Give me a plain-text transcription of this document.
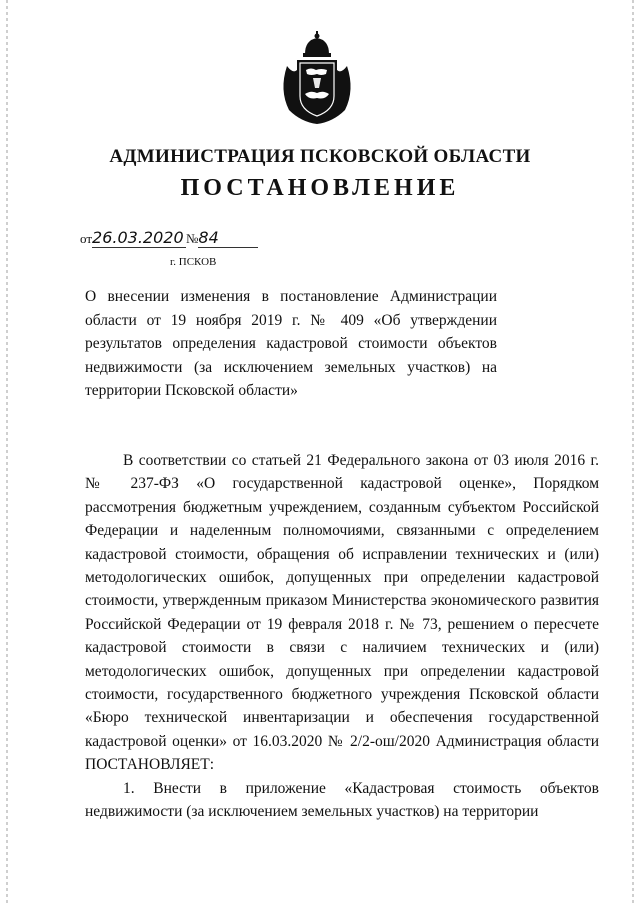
АДМИНИСТРАЦИЯ ПСКОВСКОЙ ОБЛАСТИ
ПОСТАНОВЛЕНИЕ
от26.03.2020 №84
г. ПСКОВ
О внесении изменения в постановление Администрации области от 19 ноября 2019 г. № 409 «Об утверждении результатов определения кадастровой стоимости объектов недвижимости (за исключением земельных участков) на территории Псковской области»

В соответствии со статьей 21 Федерального закона от 03 июля 2016 г. № 237-ФЗ «О государственной кадастровой оценке», Порядком рассмотрения бюджетным учреждением, созданным субъектом Российской Федерации и наделенным полномочиями, связанными с определением кадастровой стоимости, обращения об исправлении технических и (или) методологических ошибок, допущенных при определении кадастровой стоимости, утвержденным приказом Министерства экономического развития Российской Федерации от 19 февраля 2018 г. № 73, решением о пересчете кадастровой стоимости в связи с наличием технических и (или) методологических ошибок, допущенных при определении кадастровой стоимости, государственного бюджетного учреждения Псковской области «Бюро технической инвентаризации и обеспечения государственной кадастровой оценки» от 16.03.2020 № 2/2-ош/2020 Администрация области ПОСТАНОВЛЯЕТ:

1. Внести в приложение «Кадастровая стоимость объектов недвижимости (за исключением земельных участков) на территории
